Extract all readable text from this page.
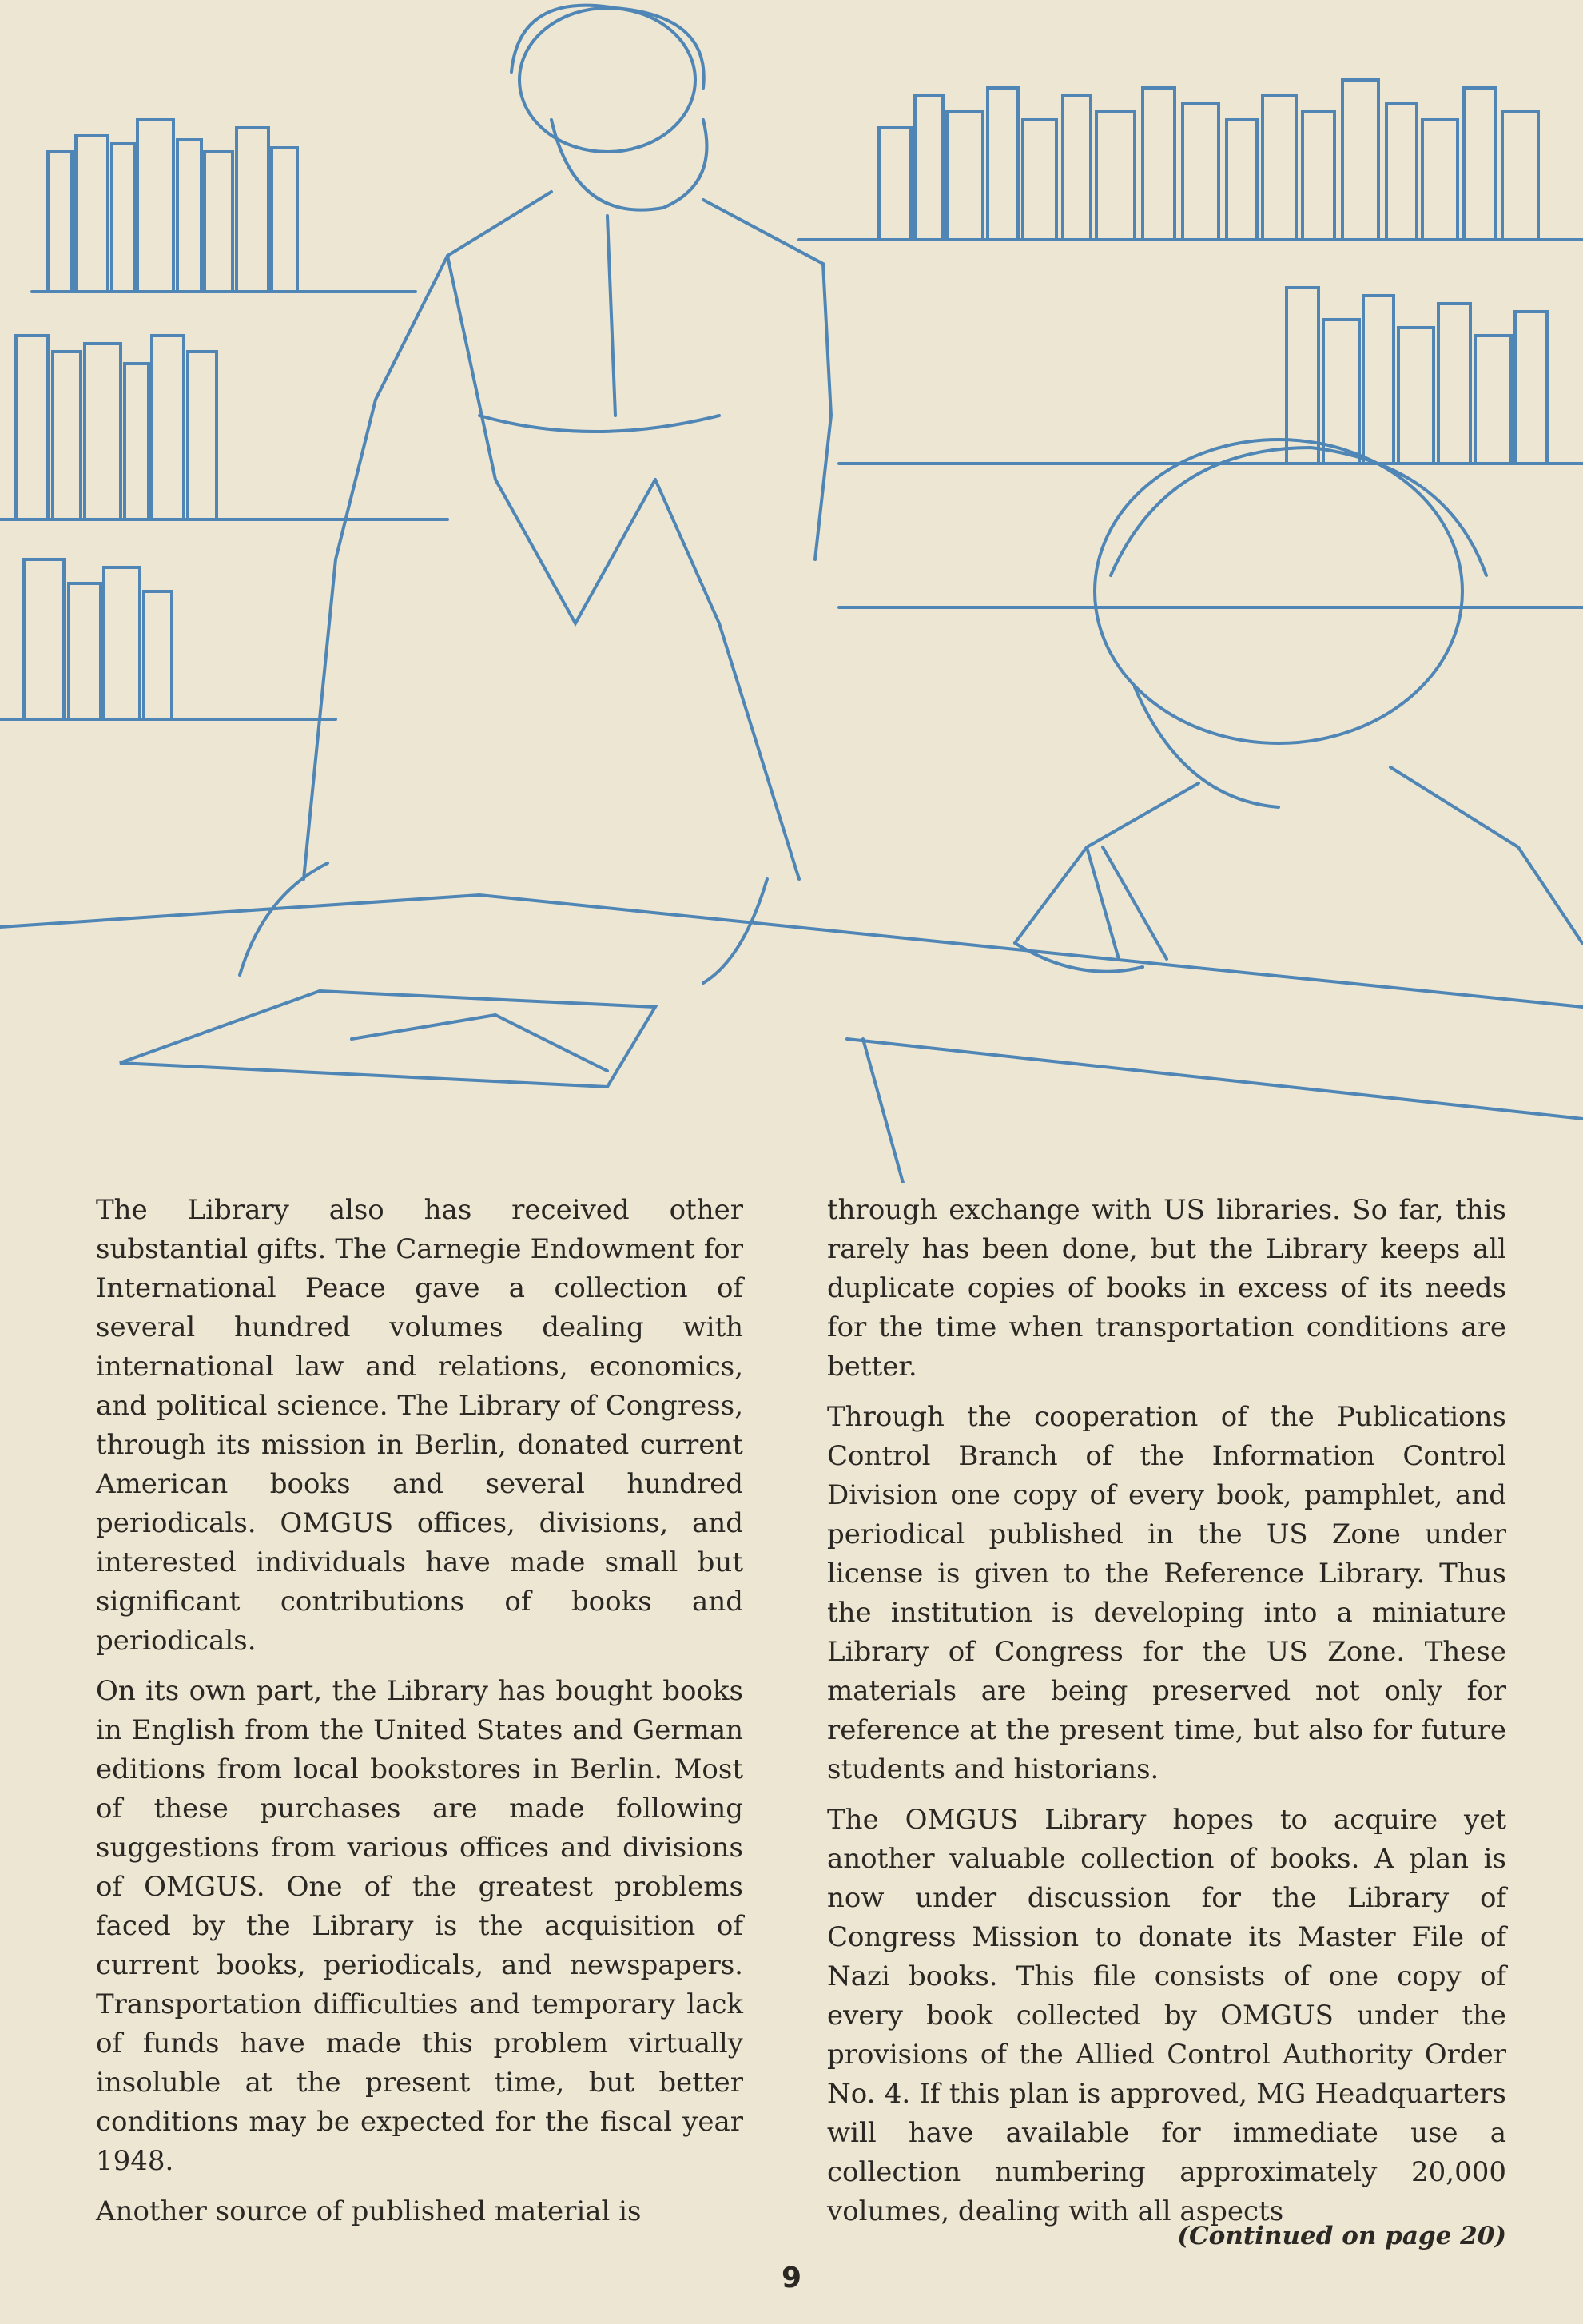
The Library also has received other substantial gifts. The Carnegie Endowment for International Peace gave a collection of several hundred volumes dealing with international law and relations, economics, and political science. The Library of Congress, through its mission in Berlin, donated current American books and several hundred periodicals. OMGUS offices, divisions, and interested individuals have made small but significant contributions of books and periodicals.

On its own part, the Library has bought books in English from the United States and German editions from local bookstores in Berlin. Most of these purchases are made following suggestions from various offices and divisions of OMGUS. One of the greatest problems faced by the Library is the acquisition of current books, periodicals, and newspapers. Transportation difficulties and temporary lack of funds have made this problem virtually insoluble at the present time, but better conditions may be expected for the fiscal year 1948.

Another source of published material is

through exchange with US libraries. So far, this rarely has been done, but the Library keeps all duplicate copies of books in excess of its needs for the time when transportation conditions are better.

Through the cooperation of the Publications Control Branch of the Information Control Division one copy of every book, pamphlet, and periodical published in the US Zone under license is given to the Reference Library. Thus the institution is developing into a miniature Library of Congress for the US Zone. These materials are being preserved not only for reference at the present time, but also for future students and historians.

The OMGUS Library hopes to acquire yet another valuable collection of books. A plan is now under discussion for the Library of Congress Mission to donate its Master File of Nazi books. This file consists of one copy of every book collected by OMGUS under the provisions of the Allied Control Authority Order No. 4. If this plan is approved, MG Headquarters will have available for immediate use a collection numbering approximately 20,000 volumes, dealing with all aspects

(Continued on page 20)
9
